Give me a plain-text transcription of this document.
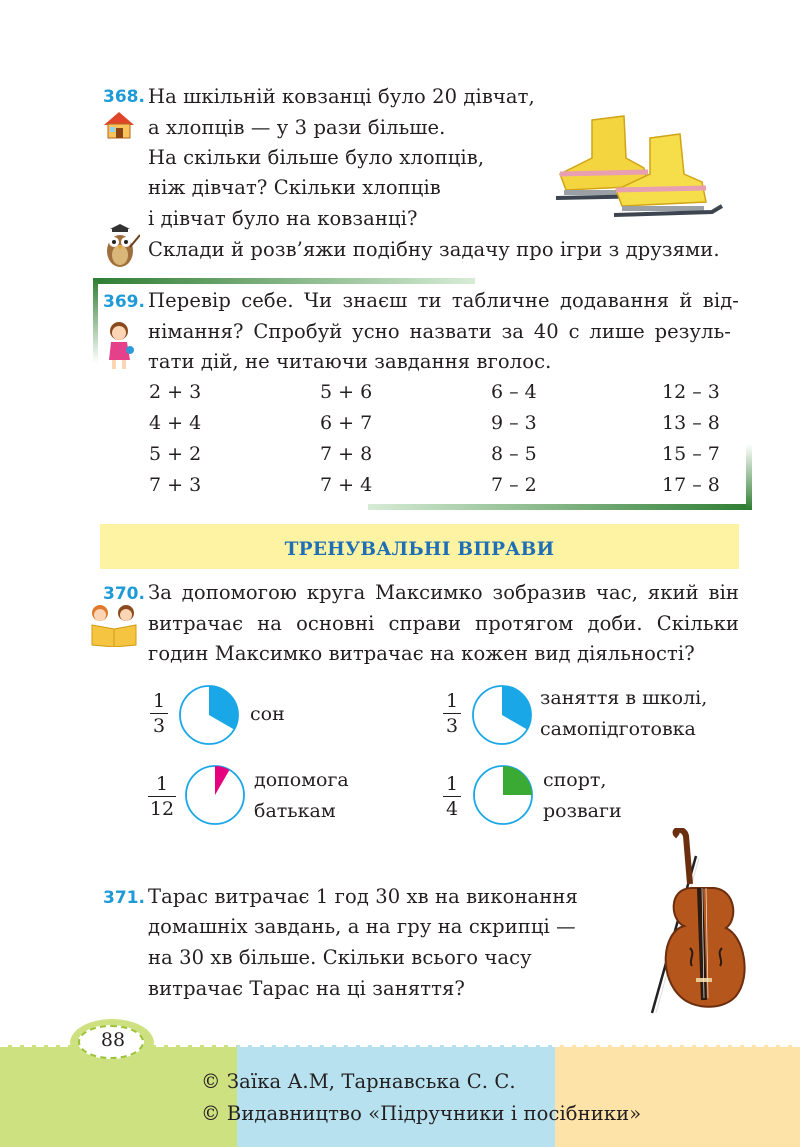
368. На шкільній ковзанці було 20 дівчат,
а хлопців — у 3 рази більше.
На скільки більше було хлопців,
ніж дівчат? Скільки хлопців
і дівчат було на ковзанці?
Склади й розв’яжи подібну задачу про ігри з друзями.
369. Перевір себе. Чи знаєш ти табличне додавання й від-
німання? Спробуй усно назвати за 40 с лише резуль-
тати дій, не читаючи завдання вголос.
2 + 3
4 + 4
5 + 2
7 + 3
5 + 6
6 + 7
7 + 8
7 + 4
6 – 4
9 – 3
8 – 5
7 – 2
12 – 3
13 – 8
15 – 7
17 – 8
ТРЕНУВАЛЬНІ ВПРАВИ
370. За допомогою круга Максимко зобразив час, який він
витрачає на основні справи протягом доби. Скільки
годин Максимко витрачає на кожен вид діяльності?
1
3
сон
1
3
заняття в школі,
самопідготовка
1
12
допомога
батькам
1
4
спорт,
розваги
371. Тарас витрачає 1 год 30 хв на виконання
домашніх завдань, а на гру на скрипці —
на 30 хв більше. Скільки всього часу
витрачає Тарас на ці заняття?
88
© Заїка А.М, Тарнавська С. С.
© Видавництво «Підручники і посібники»
